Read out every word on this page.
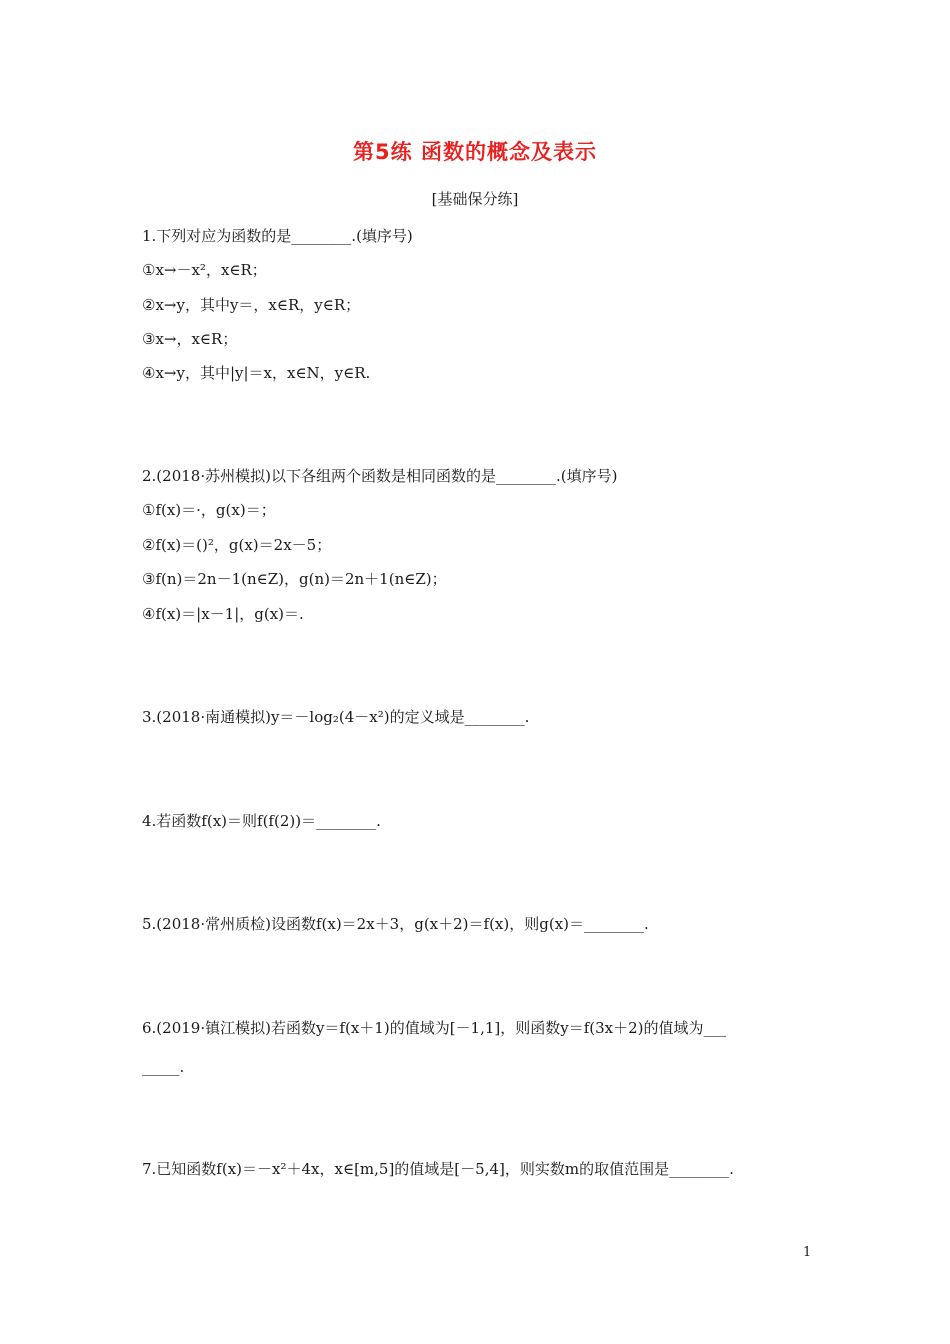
第5练 函数的概念及表示
[基础保分练]
1.下列对应为函数的是________.(填序号)
①x→－x²，x∈R；
②x→y，其中y＝，x∈R，y∈R；
③x→，x∈R；
④x→y，其中|y|＝x，x∈N，y∈R.
2.(2018·苏州模拟)以下各组两个函数是相同函数的是________.(填序号)
①f(x)＝·，g(x)＝；
②f(x)＝()²，g(x)＝2x－5；
③f(n)＝2n－1(n∈Z)，g(n)＝2n＋1(n∈Z)；
④f(x)＝|x－1|，g(x)＝.
3.(2018·南通模拟)y＝－log₂(4－x²)的定义域是________.
4.若函数f(x)＝则f(f(2))＝________.
5.(2018·常州质检)设函数f(x)＝2x＋3，g(x＋2)＝f(x)，则g(x)＝________.
6.(2019·镇江模拟)若函数y＝f(x＋1)的值域为[－1,1]，则函数y＝f(3x＋2)的值域为___
_____.
7.已知函数f(x)＝－x²＋4x，x∈[m,5]的值域是[－5,4]，则实数m的取值范围是________.
1
